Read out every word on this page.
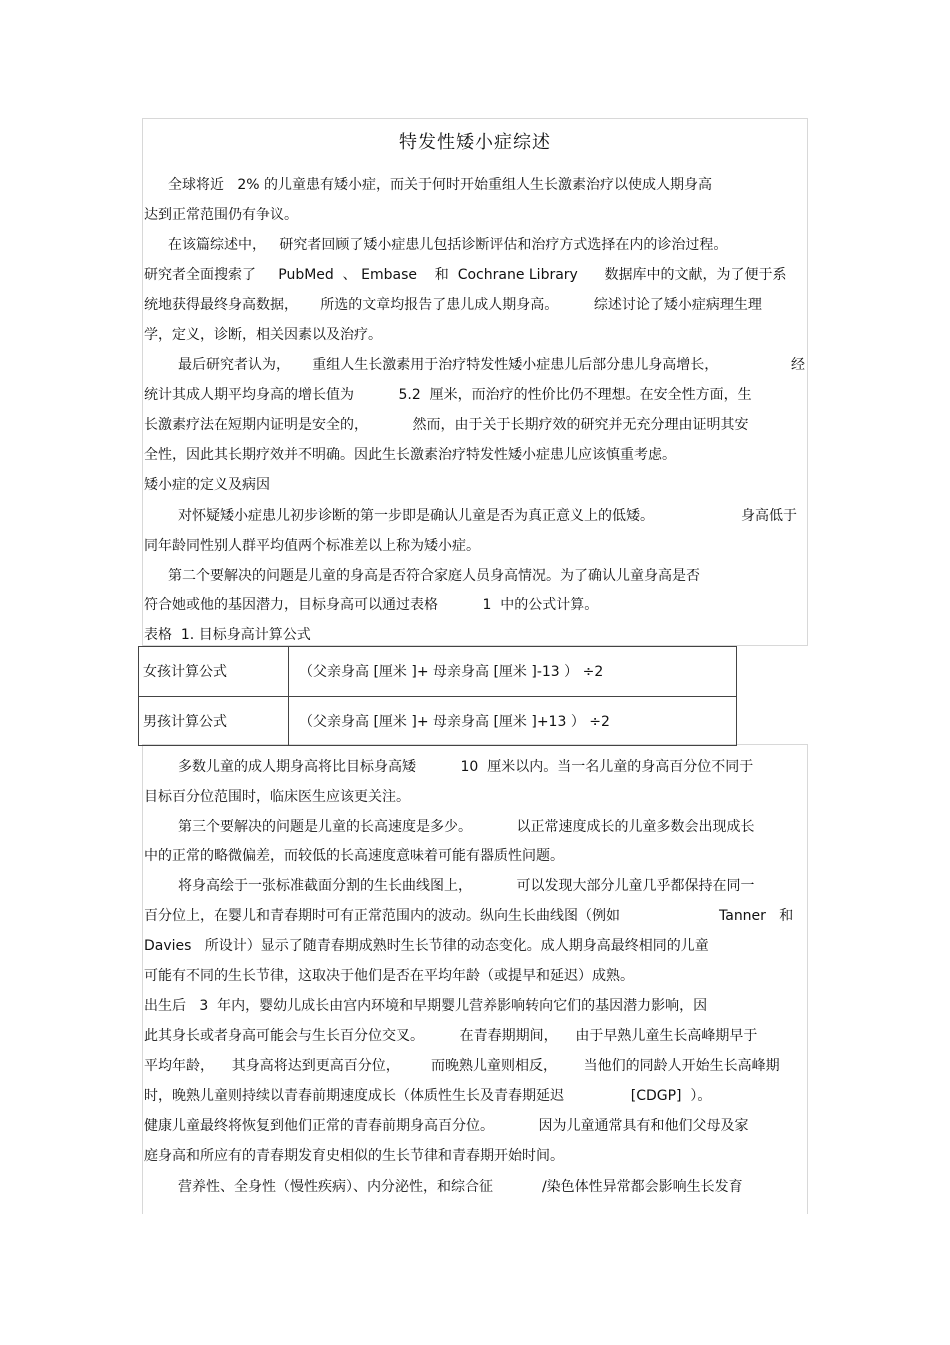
特发性矮小症综述
全球将近   2% 的儿童患有矮小症，而关于何时开始重组人生长激素治疗以使成人期身高
达到正常范围仍有争议。
在该篇综述中，   研究者回顾了矮小症患儿包括诊断评估和治疗方式选择在内的诊治过程。
研究者全面搜索了     PubMed  、 Embase    和  Cochrane Library      数据库中的文献，为了便于系
统地获得最终身高数据，     所选的文章均报告了患儿成人期身高。        综述讨论了矮小症病理生理
学，定义，诊断，相关因素以及治疗。
最后研究者认为，     重组人生长激素用于治疗特发性矮小症患儿后部分患儿身高增长，	经
统计其成人期平均身高的增长值为          5.2  厘米，而治疗的性价比仍不理想。在安全性方面，生
长激素疗法在短期内证明是安全的，          然而，由于关于长期疗效的研究并无充分理由证明其安
全性，因此其长期疗效并不明确。因此生长激素治疗特发性矮小症患儿应该慎重考虑。
矮小症的定义及病因
对怀疑矮小症患儿初步诊断的第一步即是确认儿童是否为真正意义上的低矮。	身高低于
同年龄同性别人群平均值两个标准差以上称为矮小症。
第二个要解决的问题是儿童的身高是否符合家庭人员身高情况。为了确认儿童身高是否
符合她或他的基因潜力，目标身高可以通过表格          1  中的公式计算。
表格  1. 目标身高计算公式
女孩计算公式	（父亲身高 [厘米 ]+ 母亲身高 [厘米 ]-13 ） ÷2
男孩计算公式	（父亲身高 [厘米 ]+ 母亲身高 [厘米 ]+13 ） ÷2
多数儿童的成人期身高将比目标身高矮          10  厘米以内。当一名儿童的身高百分位不同于
目标百分位范围时，临床医生应该更关注。
第三个要解决的问题是儿童的长高速度是多少。          以正常速度成长的儿童多数会出现成长
中的正常的略微偏差，而较低的长高速度意味着可能有器质性问题。
将身高绘于一张标准截面分割的生长曲线图上，          可以发现大部分儿童几乎都保持在同一
百分位上，在婴儿和青春期时可有正常范围内的波动。纵向生长曲线图（例如	Tanner   和
Davies   所设计）显示了随青春期成熟时生长节律的动态变化。成人期身高最终相同的儿童
可能有不同的生长节律，这取决于他们是否在平均年龄（或提早和延迟）成熟。
出生后   3  年内，婴幼儿成长由宫内环境和早期婴儿营养影响转向它们的基因潜力影响，因
此其身长或者身高可能会与生长百分位交叉。        在青春期期间，    由于早熟儿童生长高峰期早于
平均年龄，    其身高将达到更高百分位，       而晚熟儿童则相反，      当他们的同龄人开始生长高峰期
时，晚熟儿童则持续以青春前期速度成长（体质性生长及青春期延迟               [CDGP]  ）。
健康儿童最终将恢复到他们正常的青春前期身高百分位。          因为儿童通常具有和他们父母及家
庭身高和所应有的青春期发育史相似的生长节律和青春期开始时间。
营养性、全身性（慢性疾病）、内分泌性，和综合征           /染色体性异常都会影响生长发育
